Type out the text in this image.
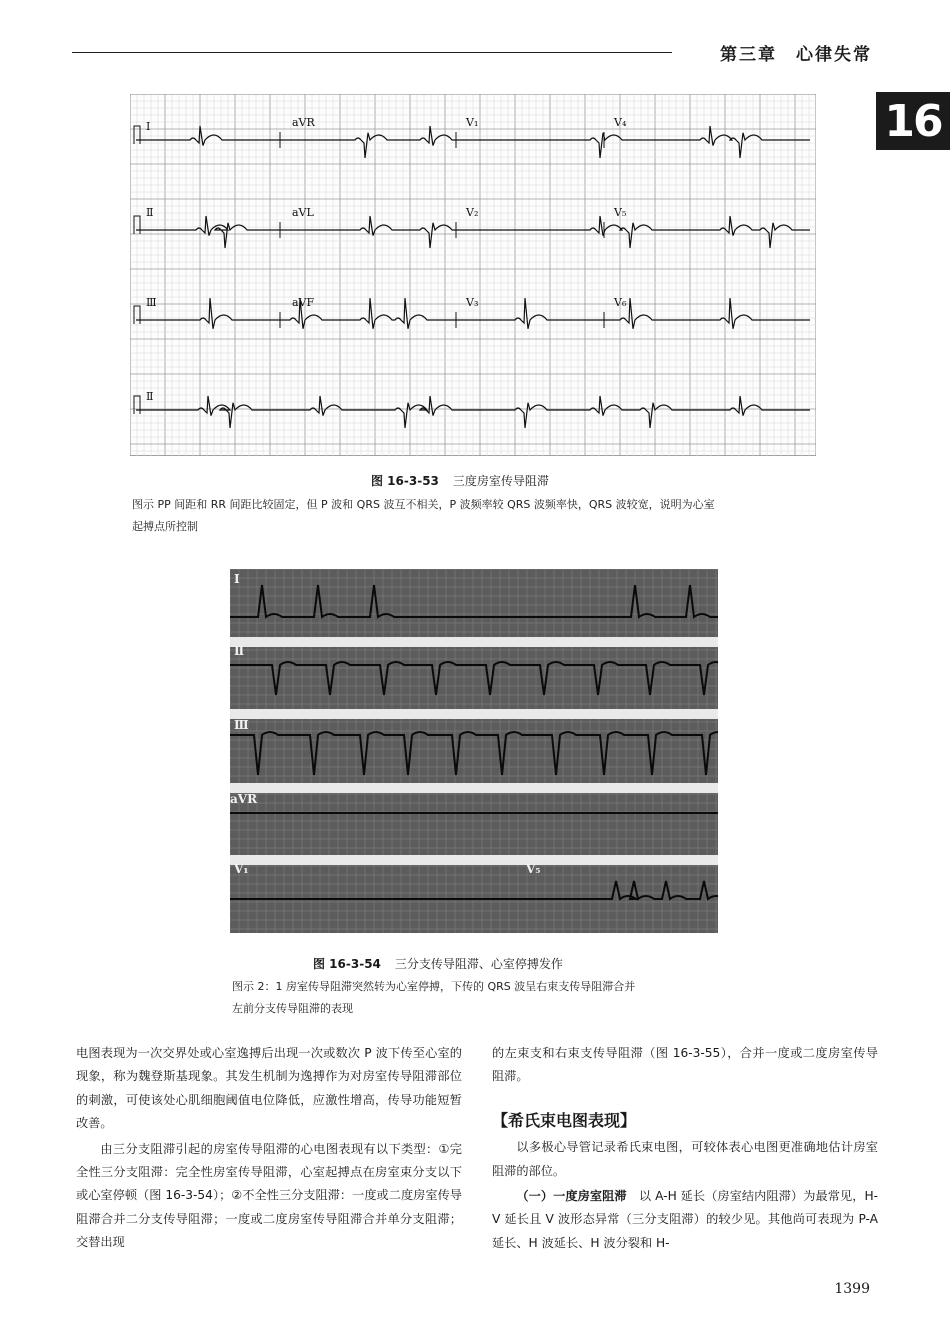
第三章　心律失常
16
I	aVR	V₁	V₄
Ⅱ	aVL	V₂	V₅
Ⅲ	aVF	V₃	V₆
Ⅱ
图 16-3-53 三度房室传导阻滞
图示 PP 间距和 RR 间距比较固定，但 P 波和 QRS 波互不相关，P 波频率较 QRS 波频率快，QRS 波较宽，说明为心室
起搏点所控制
Ⅰ
Ⅱ
Ⅲ
aVR
V₁	V₅
图 16-3-54 三分支传导阻滞、心室停搏发作
图示 2：1 房室传导阻滞突然转为心室停搏，下传的 QRS 波呈右束支传导阻滞合并
左前分支传导阻滞的表现

电图表现为一次交界处或心室逸搏后出现一次或数次 P 波下传至心室的现象，称为魏登斯基现象。其发生机制为逸搏作为对房室传导阻滞部位的刺激，可使该处心肌细胞阈值电位降低，应激性增高，传导功能短暂改善。

由三分支阻滞引起的房室传导阻滞的心电图表现有以下类型：①完全性三分支阻滞：完全性房室传导阻滞，心室起搏点在房室束分支以下或心室停顿（图 16-3-54）；②不全性三分支阻滞：一度或二度房室传导阻滞合并二分支传导阻滞；一度或二度房室传导阻滞合并单分支阻滞；交替出现

的左束支和右束支传导阻滞（图 16-3-55），合并一度或二度房室传导阻滞。

【希氏束电图表现】

以多极心导管记录希氏束电图，可较体表心电图更准确地估计房室阻滞的部位。

（一）一度房室阻滞　 以 A-H 延长（房室结内阻滞）为最常见，H-V 延长且 V 波形态异常（三分支阻滞）的较少见。其他尚可表现为 P-A 延长、H 波延长、H 波分裂和 H-

1399
